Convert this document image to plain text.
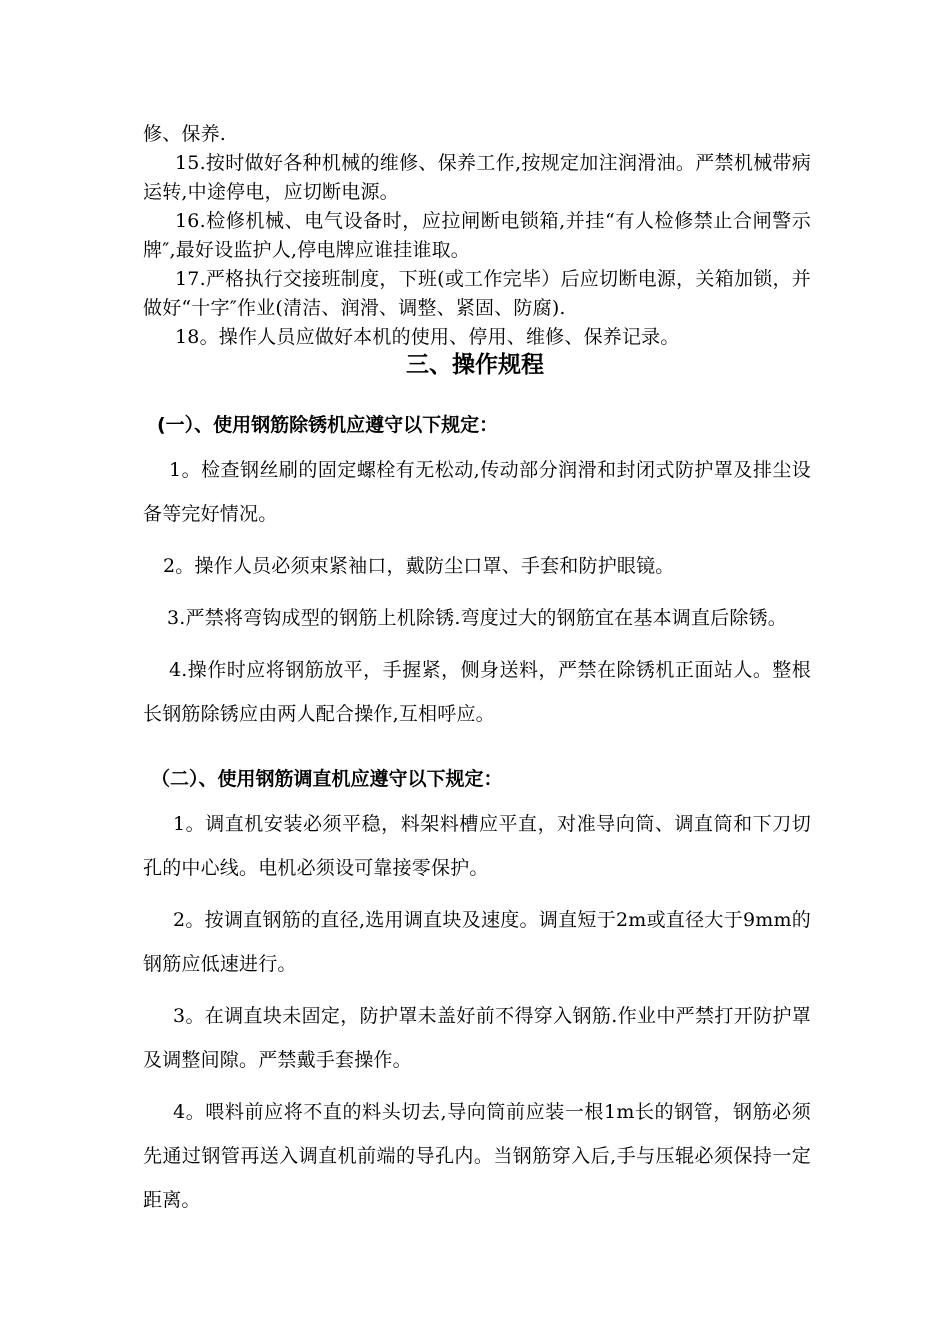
修、保养.

15.按时做好各种机械的维修、保养工作,按规定加注润滑油。严禁机械带病运转,中途停电，应切断电源。

16.检修机械、电气设备时，应拉闸断电锁箱,并挂“有人检修禁止合闸警示牌″,最好设监护人,停电牌应谁挂谁取。

17.严格执行交接班制度，下班(或工作完毕）后应切断电源，关箱加锁，并做好“十字″作业(清洁、润滑、调整、紧固、防腐).

18。操作人员应做好本机的使用、停用、维修、保养记录。

三、操作规程
(一）、使用钢筋除锈机应遵守以下规定：

1。检查钢丝刷的固定螺栓有无松动,传动部分润滑和封闭式防护罩及排尘设备等完好情况。

2。操作人员必须束紧袖口，戴防尘口罩、手套和防护眼镜。

3.严禁将弯钩成型的钢筋上机除锈.弯度过大的钢筋宜在基本调直后除锈。

4.操作时应将钢筋放平，手握紧，侧身送料，严禁在除锈机正面站人。整根长钢筋除锈应由两人配合操作,互相呼应。

（二）、使用钢筋调直机应遵守以下规定：

1。调直机安装必须平稳，料架料槽应平直，对准导向筒、调直筒和下刀切孔的中心线。电机必须设可靠接零保护。

2。按调直钢筋的直径,选用调直块及速度。调直短于2m或直径大于9mm的钢筋应低速进行。

3。在调直块未固定，防护罩未盖好前不得穿入钢筋.作业中严禁打开防护罩及调整间隙。严禁戴手套操作。

4。喂料前应将不直的料头切去,导向筒前应装一根1m长的钢管，钢筋必须先通过钢管再送入调直机前端的导孔内。当钢筋穿入后,手与压辊必须保持一定距离。
